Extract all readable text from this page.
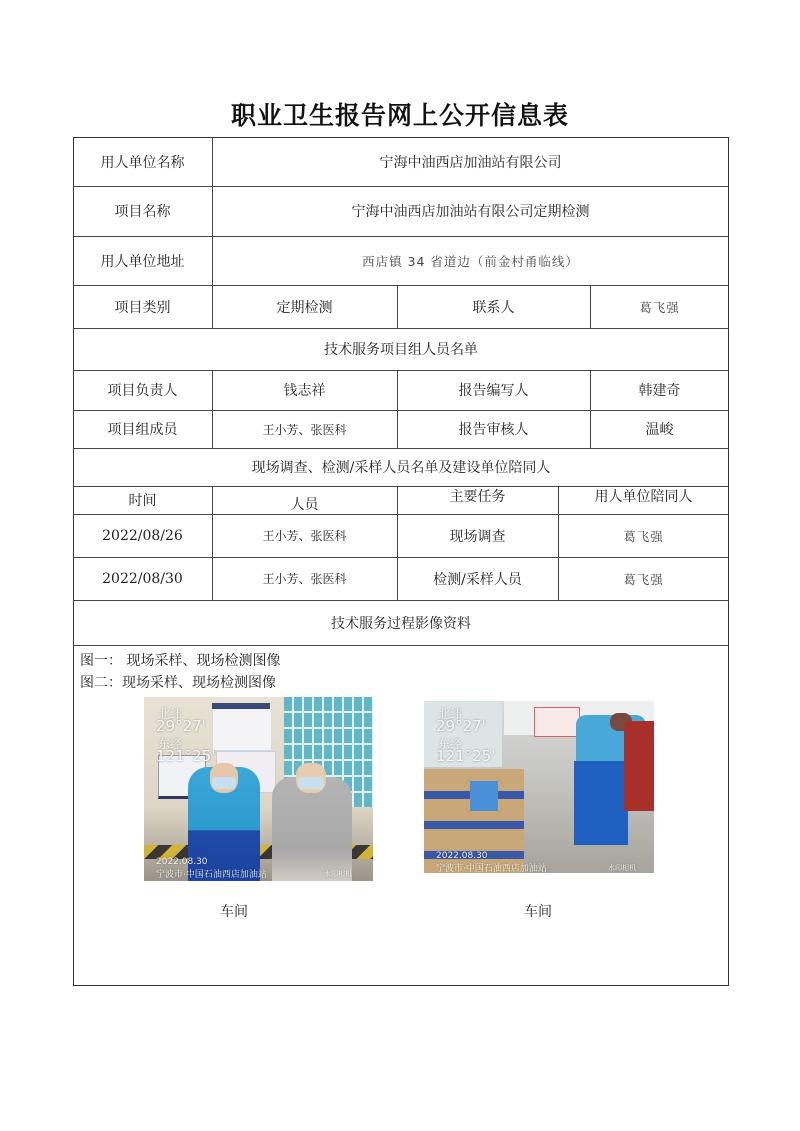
职业卫生报告网上公开信息表
用人单位名称	宁海中油西店加油站有限公司
项目名称	宁海中油西店加油站有限公司定期检测
用人单位地址	西店镇 34 省道边（前金村甬临线）
项目类别	定期检测	联系人	葛飞强
技术服务项目组人员名单
项目负责人	钱志祥	报告编写人	韩建奇
项目组成员	王小芳、张医科	报告审核人	温峻
现场调查、检测/采样人员名单及建设单位陪同人
时间	人员	主要任务	用人单位陪同人
2022/08/26	王小芳、张医科	现场调查	葛飞强
2022/08/30	王小芳、张医科	检测/采样人员	葛飞强
技术服务过程影像资料
图一： 现场采样、现场检测图像
图二：现场采样、现场检测图像
北纬
29°27'
东经
121°25'
2022.08.30
宁波市·中国石油西店加油站	水印相机
车间
北纬
29°27'
东经
121°25'
2022.08.30
宁波市·中国石油西店加油站	水印相机
车间
